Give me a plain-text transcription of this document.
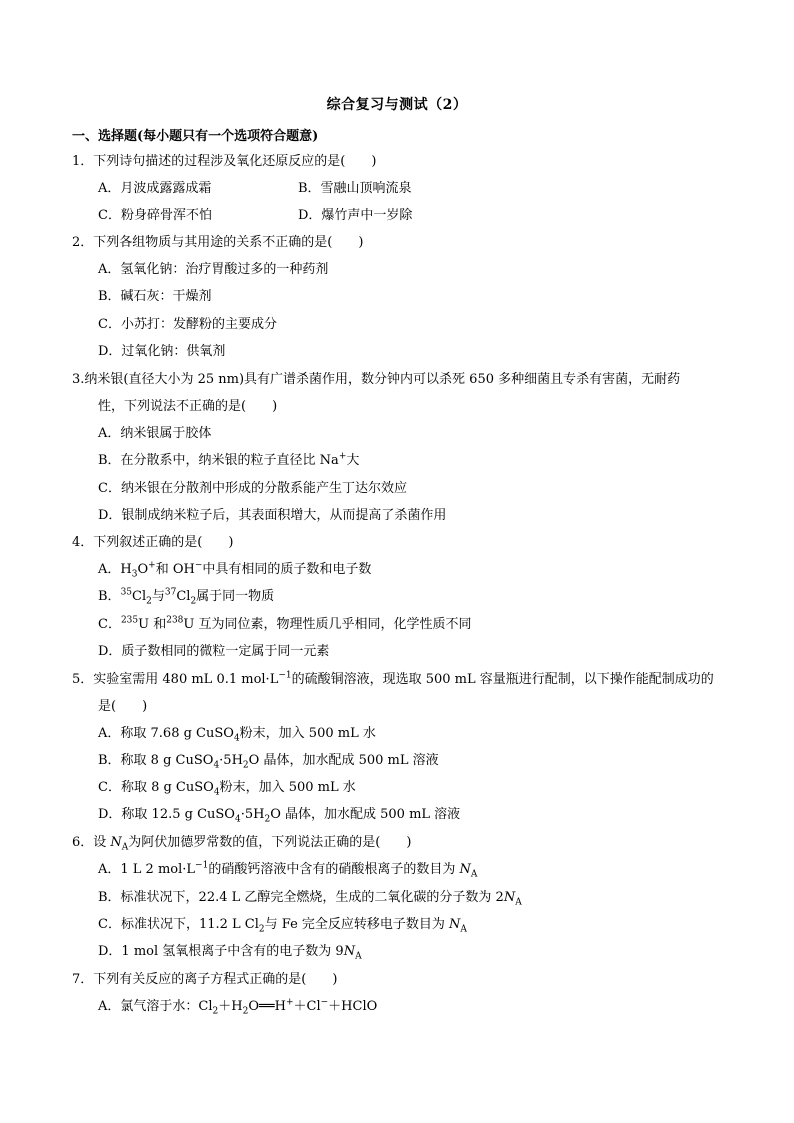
综合复习与测试（2）
一、选择题(每小题只有一个选项符合题意)
1．下列诗句描述的过程涉及氧化还原反应的是(　　)
A．月波成露露成霜	B．雪融山顶响流泉
C．粉身碎骨浑不怕	D．爆竹声中一岁除
2．下列各组物质与其用途的关系不正确的是(　　)
A．氢氧化钠：治疗胃酸过多的一种药剂
B．碱石灰：干燥剂
C．小苏打：发酵粉的主要成分
D．过氧化钠：供氧剂
3.纳米银(直径大小为 25 nm)具有广谱杀菌作用，数分钟内可以杀死 650 多种细菌且专杀有害菌，无耐药
性，下列说法不正确的是(　　)
A．纳米银属于胶体
B．在分散系中，纳米银的粒子直径比 Na+大
C．纳米银在分散剂中形成的分散系能产生丁达尔效应
D．银制成纳米粒子后，其表面积增大，从而提高了杀菌作用
4．下列叙述正确的是(　　)
A．$H_3O^+$和 OH−中具有相同的质子数和电子数
B．$^{35}Cl_2$与$^{37}Cl_2$属于同一物质
C．$^{235}$U 和$^{238}$U 互为同位素，物理性质几乎相同，化学性质不同
D．质子数相同的微粒一定属于同一元素
5．实验室需用 480 mL 0.1 $mol\cdot L^{-1}$的硫酸铜溶液，现选取 500 mL 容量瓶进行配制，以下操作能配制成功的
是(　　)
A．称取 7.68 g CuSO$_4$粉末，加入 500 mL 水
B．称取 8 g $CuSO_4\cdot 5H_2O$ 晶体，加水配成 500 mL 溶液
C．称取 8 g CuSO$_4$粉末，加入 500 mL 水
D．称取 12.5 g $CuSO_4\cdot 5H_2O$ 晶体，加水配成 500 mL 溶液
6．设 $N_A$为阿伏加德罗常数的值，下列说法正确的是(　　)
A．1 L 2 $mol\cdot L^{-1}$的硝酸钙溶液中含有的硝酸根离子的数目为 $N_A$
B．标准状况下，22.4 L 乙醇完全燃烧，生成的二氧化碳的分子数为 $2N_A$
C．标准状况下，11.2 L $Cl_2$与 Fe 完全反应转移电子数目为 $N_A$
D．1 mol 氢氧根离子中含有的电子数为 $9N_A$
7．下列有关反应的离子方程式正确的是(　　)
A．氯气溶于水：$Cl_2+H_2O══H^++Cl^-+HClO$
